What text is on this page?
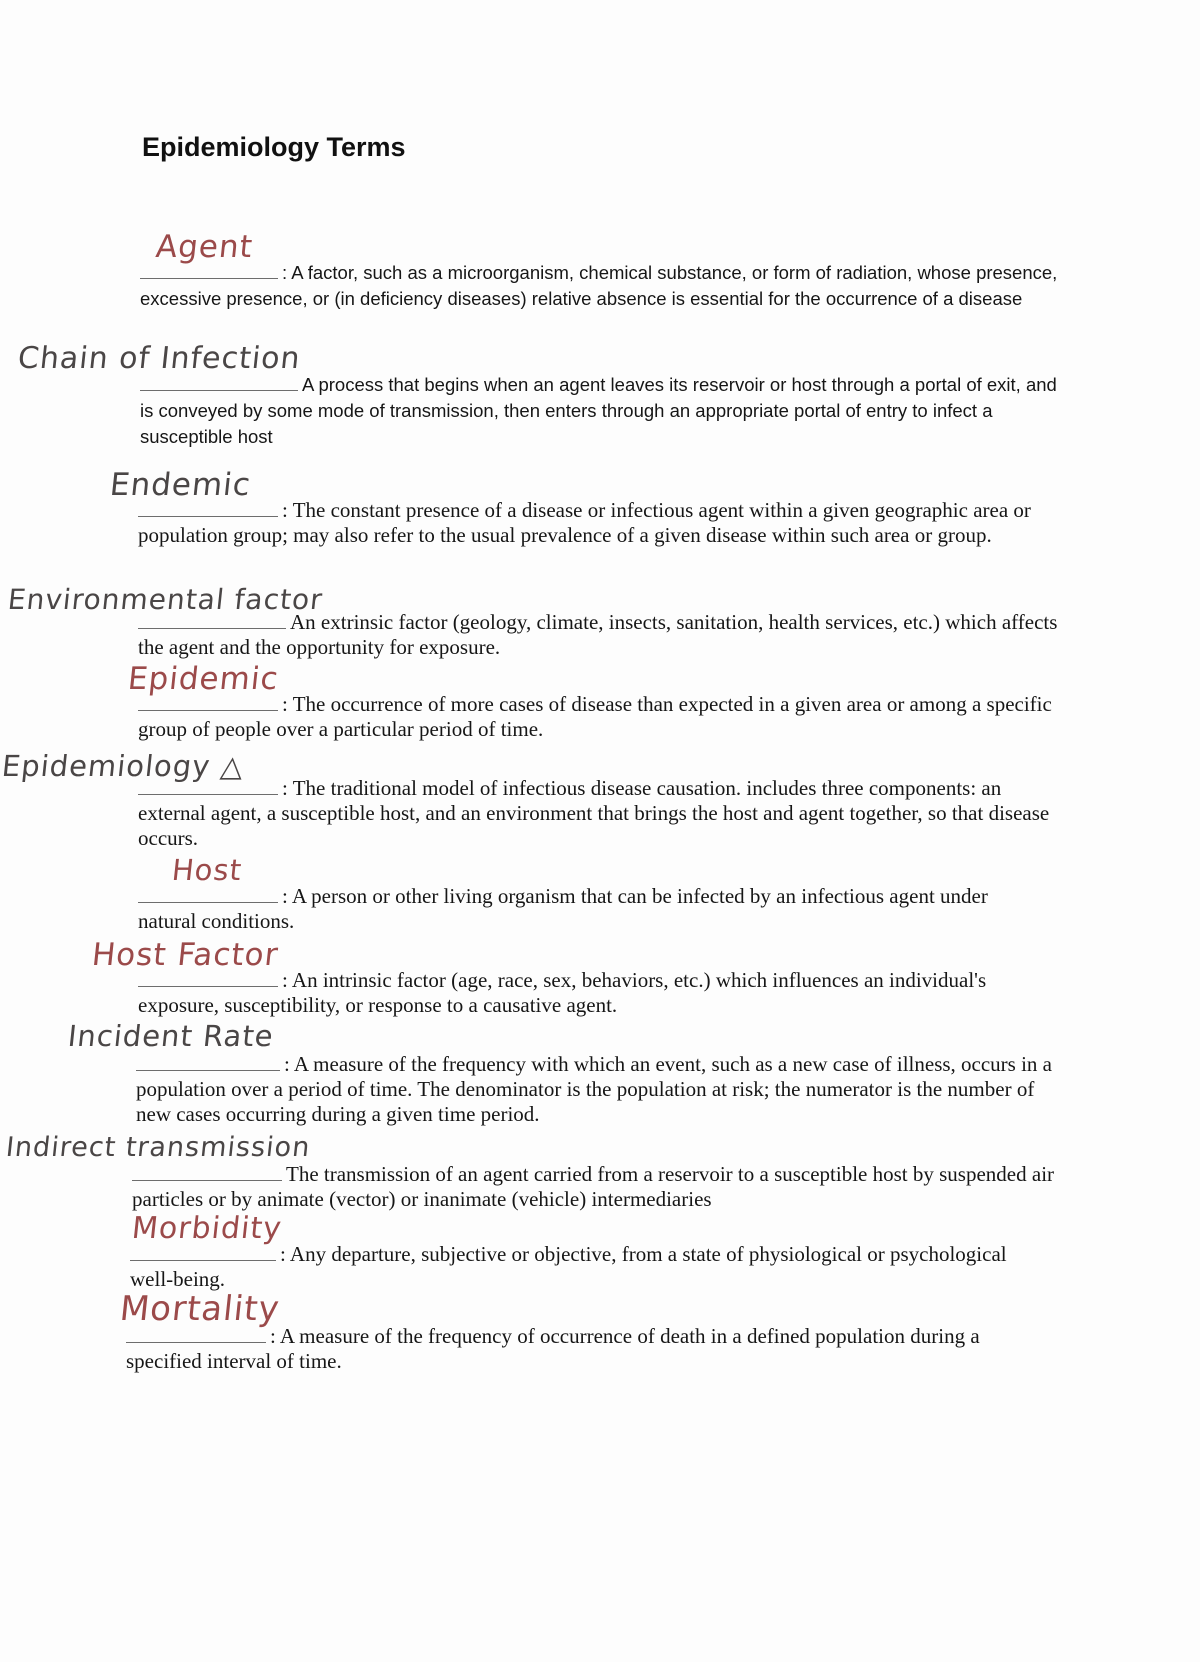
Epidemiology Terms
: A factor, such as a microorganism, chemical substance, or form of radiation, whose presence, excessive presence, or (in deficiency diseases) relative absence is essential for the occurrence of a disease
Agent
A process that begins when an agent leaves its reservoir or host through a portal of exit, and is conveyed by some mode of transmission, then enters through an appropriate portal of entry to infect a susceptible host
Chain of Infection
: The constant presence of a disease or infectious agent within a given geographic area or population group; may also refer to the usual prevalence of a given disease within such area or group.
Endemic
An extrinsic factor (geology, climate, insects, sanitation, health services, etc.) which affects the agent and the opportunity for exposure.
Environmental factor
: The occurrence of more cases of disease than expected in a given area or among a specific group of people over a particular period of time.
Epidemic
: The traditional model of infectious disease causation. includes three components: an external agent, a susceptible host, and an environment that brings the host and agent together, so that disease occurs.
Epidemiology △
: A person or other living organism that can be infected by an infectious agent under natural conditions.
Host
: An intrinsic factor (age, race, sex, behaviors, etc.) which influences an individual's exposure, susceptibility, or response to a causative agent.
Host Factor
: A measure of the frequency with which an event, such as a new case of illness, occurs in a population over a period of time. The denominator is the population at risk; the numerator is the number of new cases occurring during a given time period.
Incident Rate
The transmission of an agent carried from a reservoir to a susceptible host by suspended air particles or by animate (vector) or inanimate (vehicle) intermediaries
Indirect transmission
: Any departure, subjective or objective, from a state of physiological or psychological well-being.
Morbidity
: A measure of the frequency of occurrence of death in a defined population during a specified interval of time.
Mortality
